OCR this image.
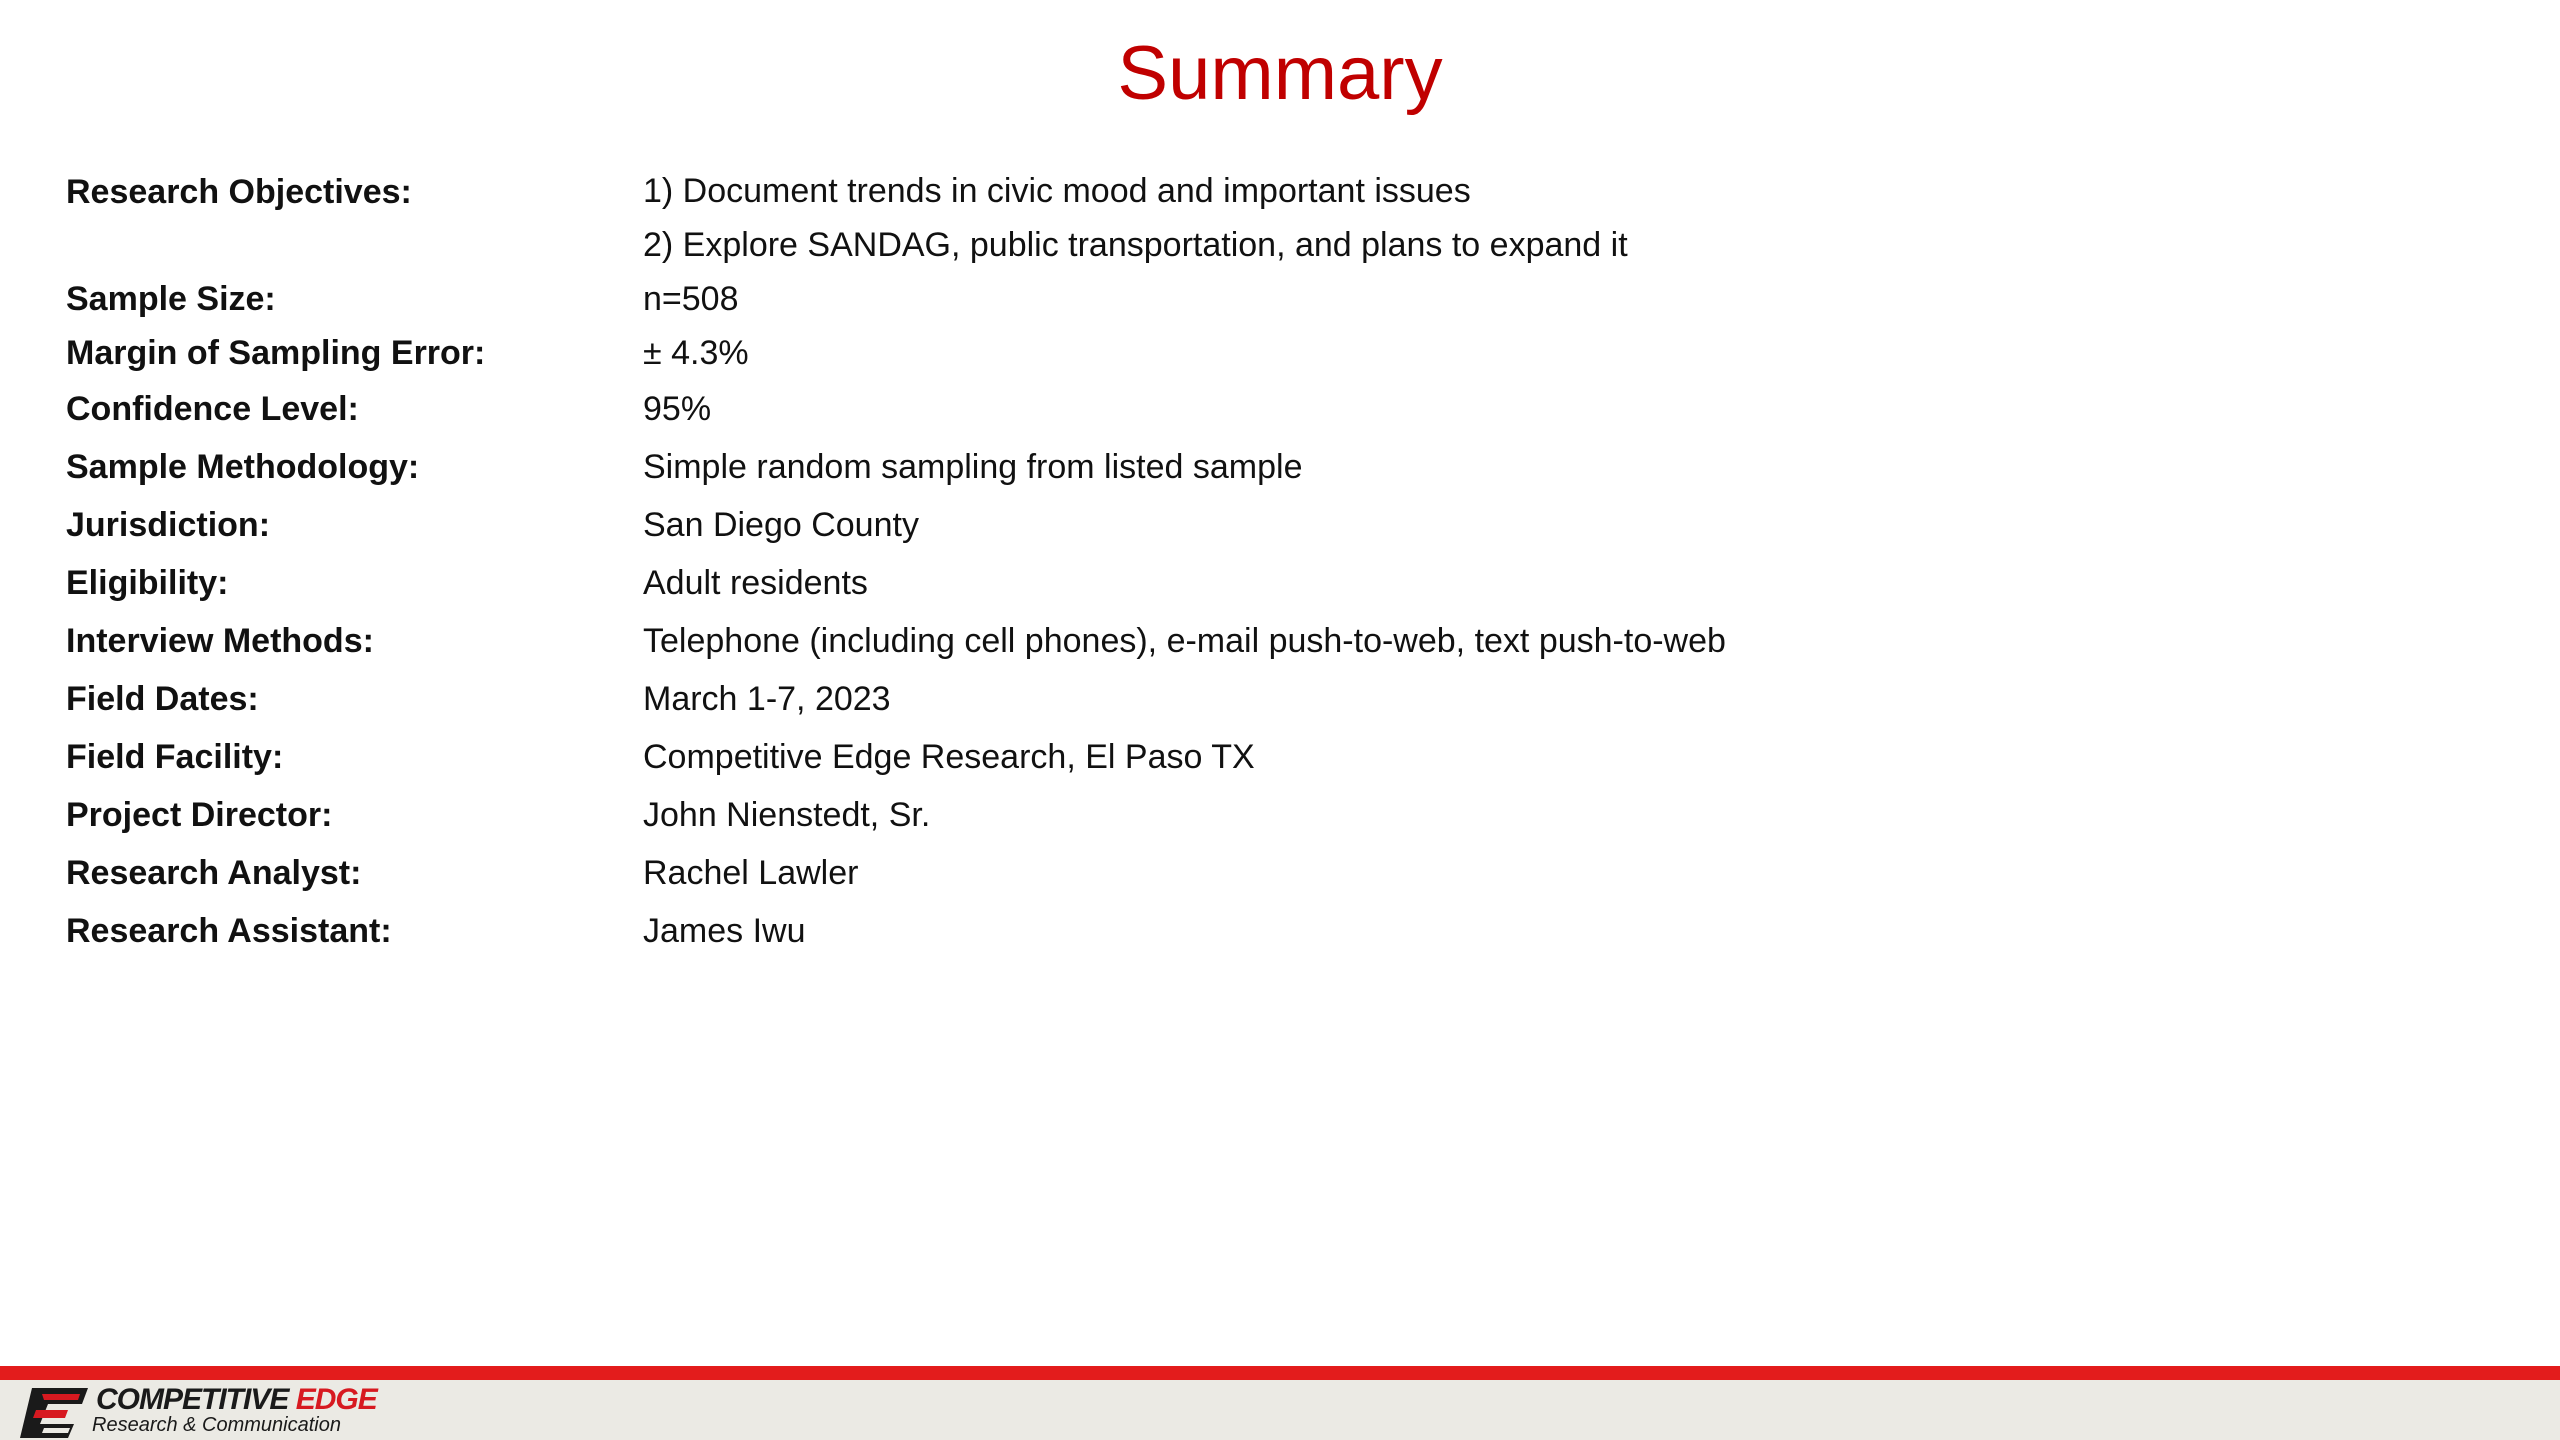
Summary
Research Objectives:	1) Document trends in civic mood and important issues
2) Explore SANDAG, public transportation, and plans to expand it
Sample Size:	n=508
Margin of Sampling Error:	± 4.3%
Confidence Level:	95%
Sample Methodology:	Simple random sampling from listed sample
Jurisdiction:	San Diego County
Eligibility:	Adult residents
Interview Methods:	Telephone (including cell phones), e-mail push-to-web, text push-to-web
Field Dates:	March 1-7, 2023
Field Facility:	Competitive Edge Research, El Paso TX
Project Director:	John Nienstedt, Sr.
Research Analyst:	Rachel Lawler
Research Assistant:	James Iwu
COMPETITIVE EDGE
Research & Communication
